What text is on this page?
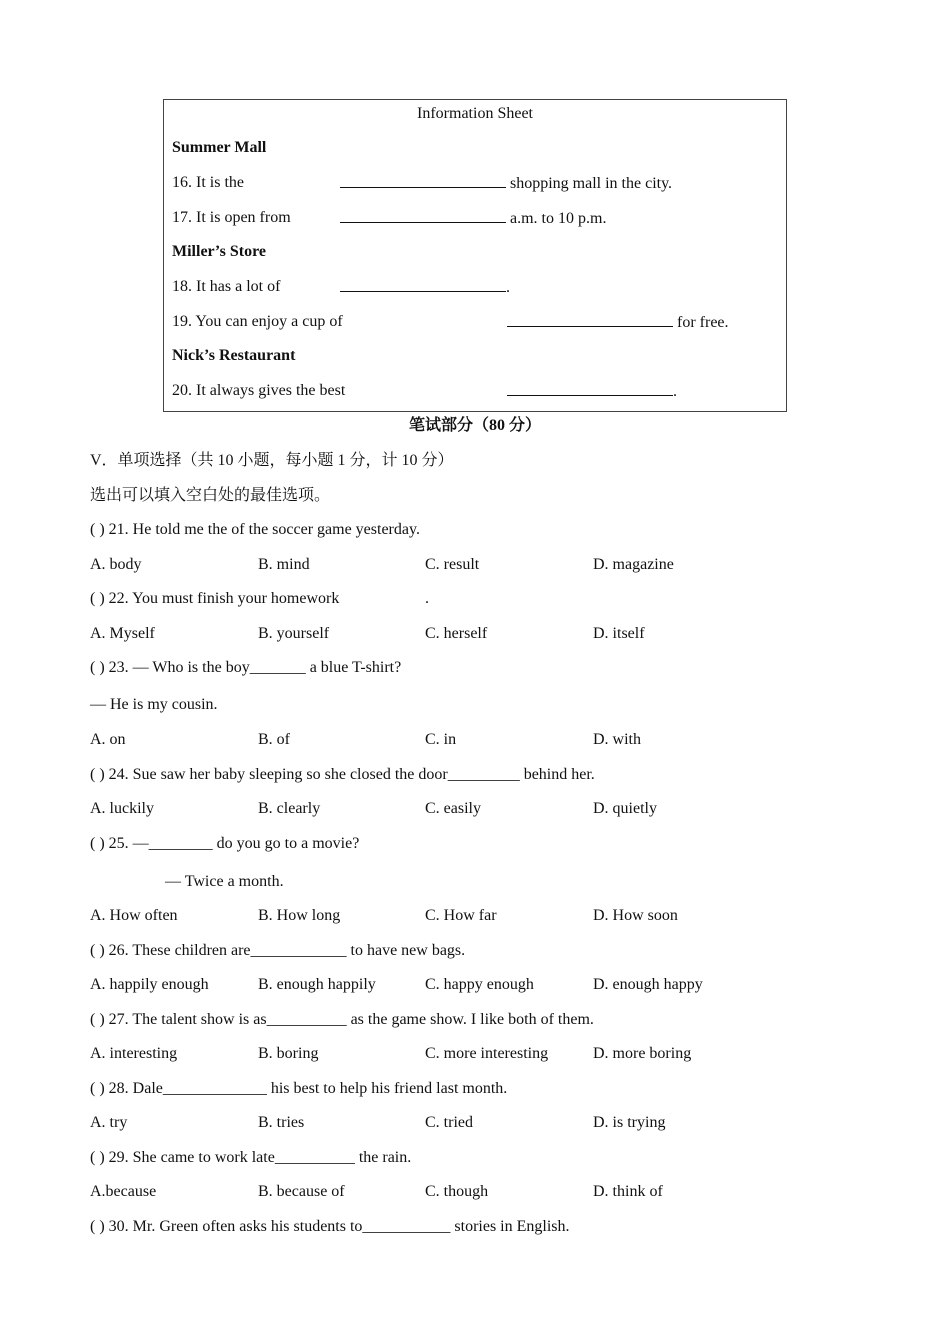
Information Sheet
Summer Mall
16. It is the	shopping mall in the city.
17. It is open from	a.m. to 10 p.m.
Miller’s Store
18. It has a lot of	.
19. You can enjoy a cup of	for free.
Nick’s Restaurant
20. It always gives the best	.
笔试部分（80 分）
V．单项选择（共 10 小题，每小题 1 分，计 10 分）
选出可以填入空白处的最佳选项。
( ) 21. He told me the of the soccer game yesterday.
A. body	B. mind	C. result	D. magazine
( ) 22. You must finish your homework	.
A. Myself	B. yourself	C. herself	D. itself
( ) 23. — Who is the boy_______ a blue T-shirt?
— He is my cousin.
A. on	B. of	C. in	D. with
( ) 24. Sue saw her baby sleeping so she closed the door_________ behind her.
A. luckily	B. clearly	C. easily	D. quietly
( ) 25. —________ do you go to a movie?
— Twice a month.
A. How often	B. How long	C. How far	D. How soon
( ) 26. These children are____________ to have new bags.
A. happily enough	B. enough happily	C. happy enough	D. enough happy
( ) 27. The talent show is as__________ as the game show. I like both of them.
A. interesting	B. boring	C. more interesting	D. more boring
( ) 28. Dale_____________ his best to help his friend last month.
A. try	B. tries	C. tried	D. is trying
( ) 29. She came to work late__________ the rain.
A.because	B. because of	C. though	D. think of
( ) 30. Mr. Green often asks his students to___________ stories in English.
